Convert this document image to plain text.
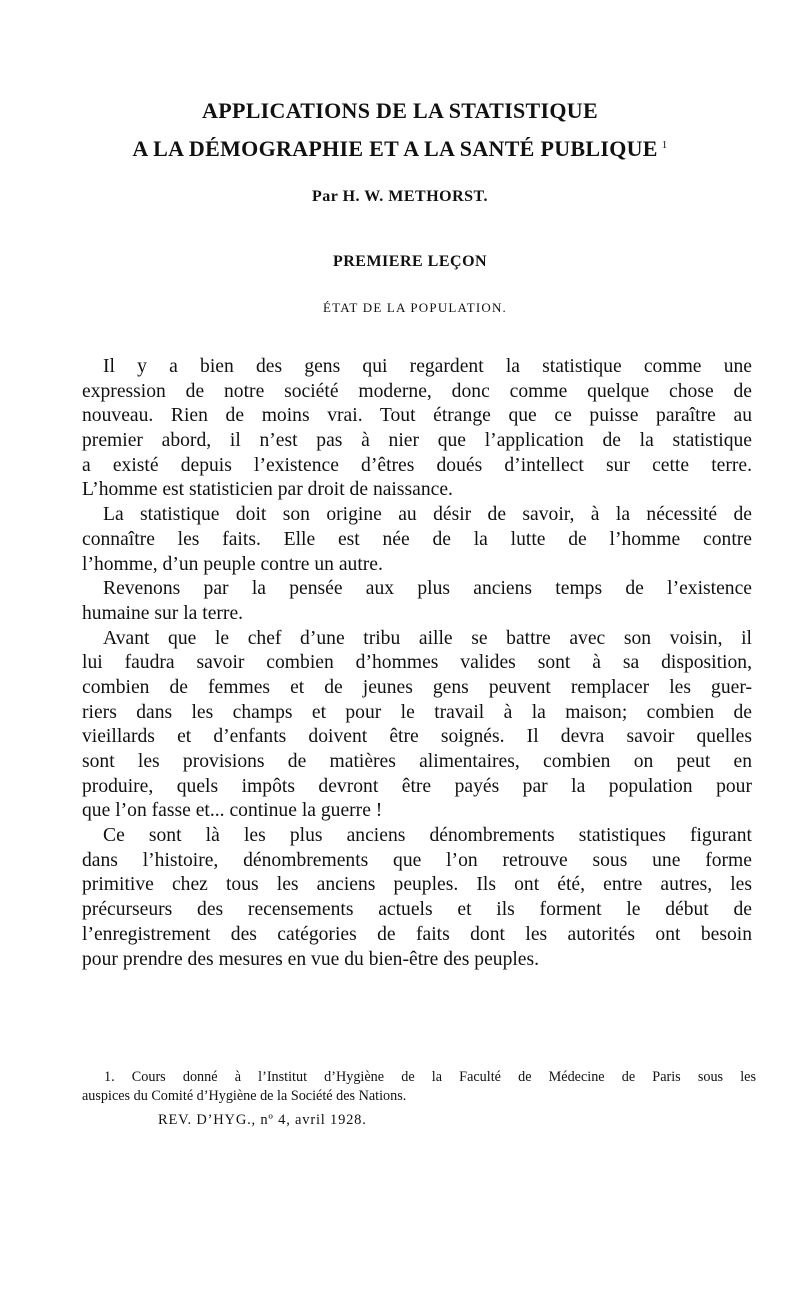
APPLICATIONS DE LA STATISTIQUE
A LA DÉMOGRAPHIE ET A LA SANTÉ PUBLIQUE $^1$
Par H. W. METHORST.
PREMIERE LEÇON
ÉTAT DE LA POPULATION.
Il y a bien des gens qui regardent la statistique comme une
expression de notre société moderne, donc comme quelque chose de
nouveau. Rien de moins vrai. Tout étrange que ce puisse paraître au
premier abord, il n’est pas à nier que l’application de la statistique
a existé depuis l’existence d’êtres doués d’intellect sur cette terre.
L’homme est statisticien par droit de naissance.
La statistique doit son origine au désir de savoir, à la nécessité de
connaître les faits. Elle est née de la lutte de l’homme contre
l’homme, d’un peuple contre un autre.
Revenons par la pensée aux plus anciens temps de l’existence
humaine sur la terre.
Avant que le chef d’une tribu aille se battre avec son voisin, il
lui faudra savoir combien d’hommes valides sont à sa disposition,
combien de femmes et de jeunes gens peuvent remplacer les guer-
riers dans les champs et pour le travail à la maison; combien de
vieillards et d’enfants doivent être soignés. Il devra savoir quelles
sont les provisions de matières alimentaires, combien on peut en
produire, quels impôts devront être payés par la population pour
que l’on fasse et... continue la guerre !
Ce sont là les plus anciens dénombrements statistiques figurant
dans l’histoire, dénombrements que l’on retrouve sous une forme
primitive chez tous les anciens peuples. Ils ont été, entre autres, les
précurseurs des recensements actuels et ils forment le début de
l’enregistrement des catégories de faits dont les autorités ont besoin
pour prendre des mesures en vue du bien-être des peuples.
1. Cours donné à l’Institut d’Hygiène de la Faculté de Médecine de Paris sous les
auspices du Comité d’Hygiène de la Société des Nations.
REV. D’HYG., nº 4, avril 1928.
